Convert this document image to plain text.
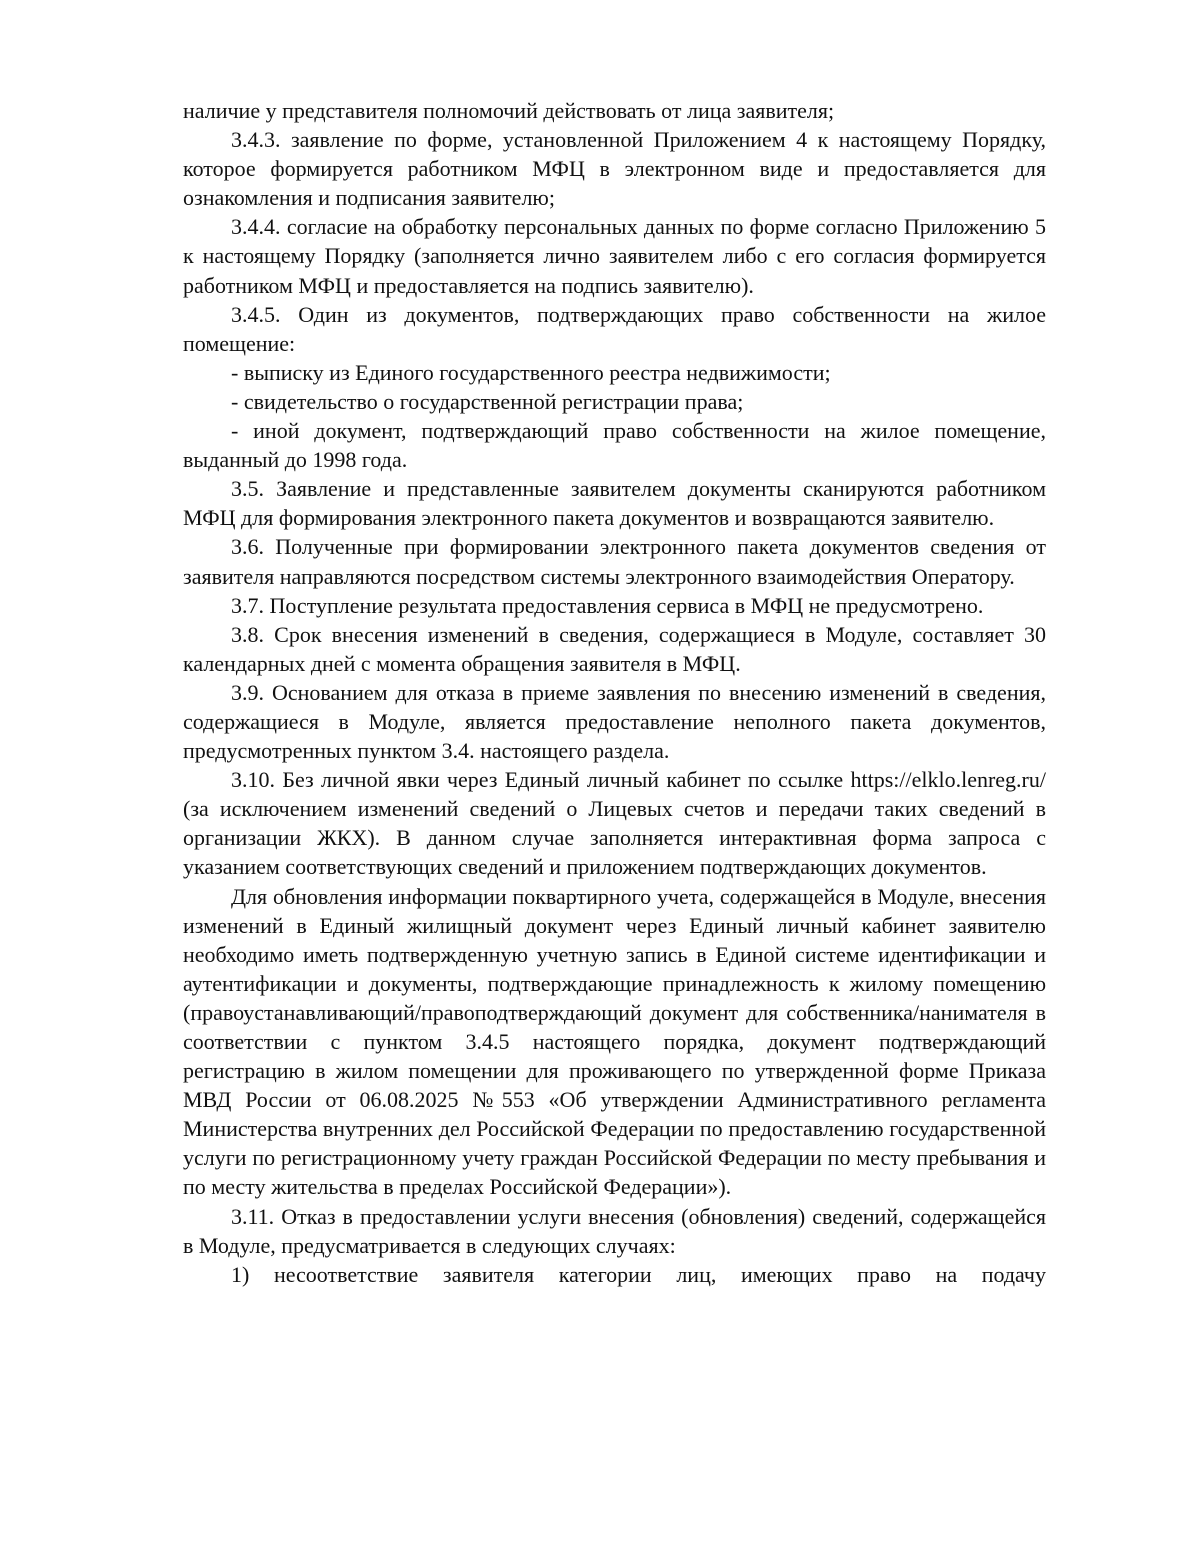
наличие у представителя полномочий действовать от лица заявителя;

3.4.3. заявление по форме, установленной Приложением 4 к настоящему Порядку, которое формируется работником МФЦ в электронном виде и предоставляется для ознакомления и подписания заявителю;

3.4.4. согласие на обработку персональных данных по форме согласно Приложению 5 к настоящему Порядку (заполняется лично заявителем либо с его согласия формируется работником МФЦ и предоставляется на подпись заявителю).

3.4.5. Один из документов, подтверждающих право собственности на жилое помещение:

- выписку из Единого государственного реестра недвижимости;

- свидетельство о государственной регистрации права;

- иной документ, подтверждающий право собственности на жилое помещение, выданный до 1998 года.

3.5. Заявление и представленные заявителем документы сканируются работником МФЦ для формирования электронного пакета документов и возвращаются заявителю.

3.6. Полученные при формировании электронного пакета документов сведения от заявителя направляются посредством системы электронного взаимодействия Оператору.

3.7. Поступление результата предоставления сервиса в МФЦ не предусмотрено.

3.8. Срок внесения изменений в сведения, содержащиеся в Модуле, составляет 30 календарных дней с момента обращения заявителя в МФЦ.

3.9. Основанием для отказа в приеме заявления по внесению изменений в сведения, содержащиеся в Модуле, является предоставление неполного пакета документов, предусмотренных пунктом 3.4. настоящего раздела.

3.10. Без личной явки через Единый личный кабинет по ссылке https://elklo.lenreg.ru/ (за исключением изменений сведений о Лицевых счетов и передачи таких сведений в организации ЖКХ). В данном случае заполняется интерактивная форма запроса с указанием соответствующих сведений и приложением подтверждающих документов.

Для обновления информации поквартирного учета, содержащейся в Модуле, внесения изменений в Единый жилищный документ через Единый личный кабинет заявителю необходимо иметь подтвержденную учетную запись в Единой системе идентификации и аутентификации и документы, подтверждающие принадлежность к жилому помещению (правоустанавливающий/правоподтверждающий документ для собственника/нанимателя в соответствии с пунктом 3.4.5 настоящего порядка, документ подтверждающий регистрацию в жилом помещении для проживающего по утвержденной форме Приказа МВД России от 06.08.2025 №553 «Об утверждении Административного регламента Министерства внутренних дел Российской Федерации по предоставлению государственной услуги по регистрационному учету граждан Российской Федерации по месту пребывания и по месту жительства в пределах Российской Федерации»).

3.11. Отказ в предоставлении услуги внесения (обновления) сведений, содержащейся в Модуле, предусматривается в следующих случаях:

1) несоответствие заявителя категории лиц, имеющих право на подачу
